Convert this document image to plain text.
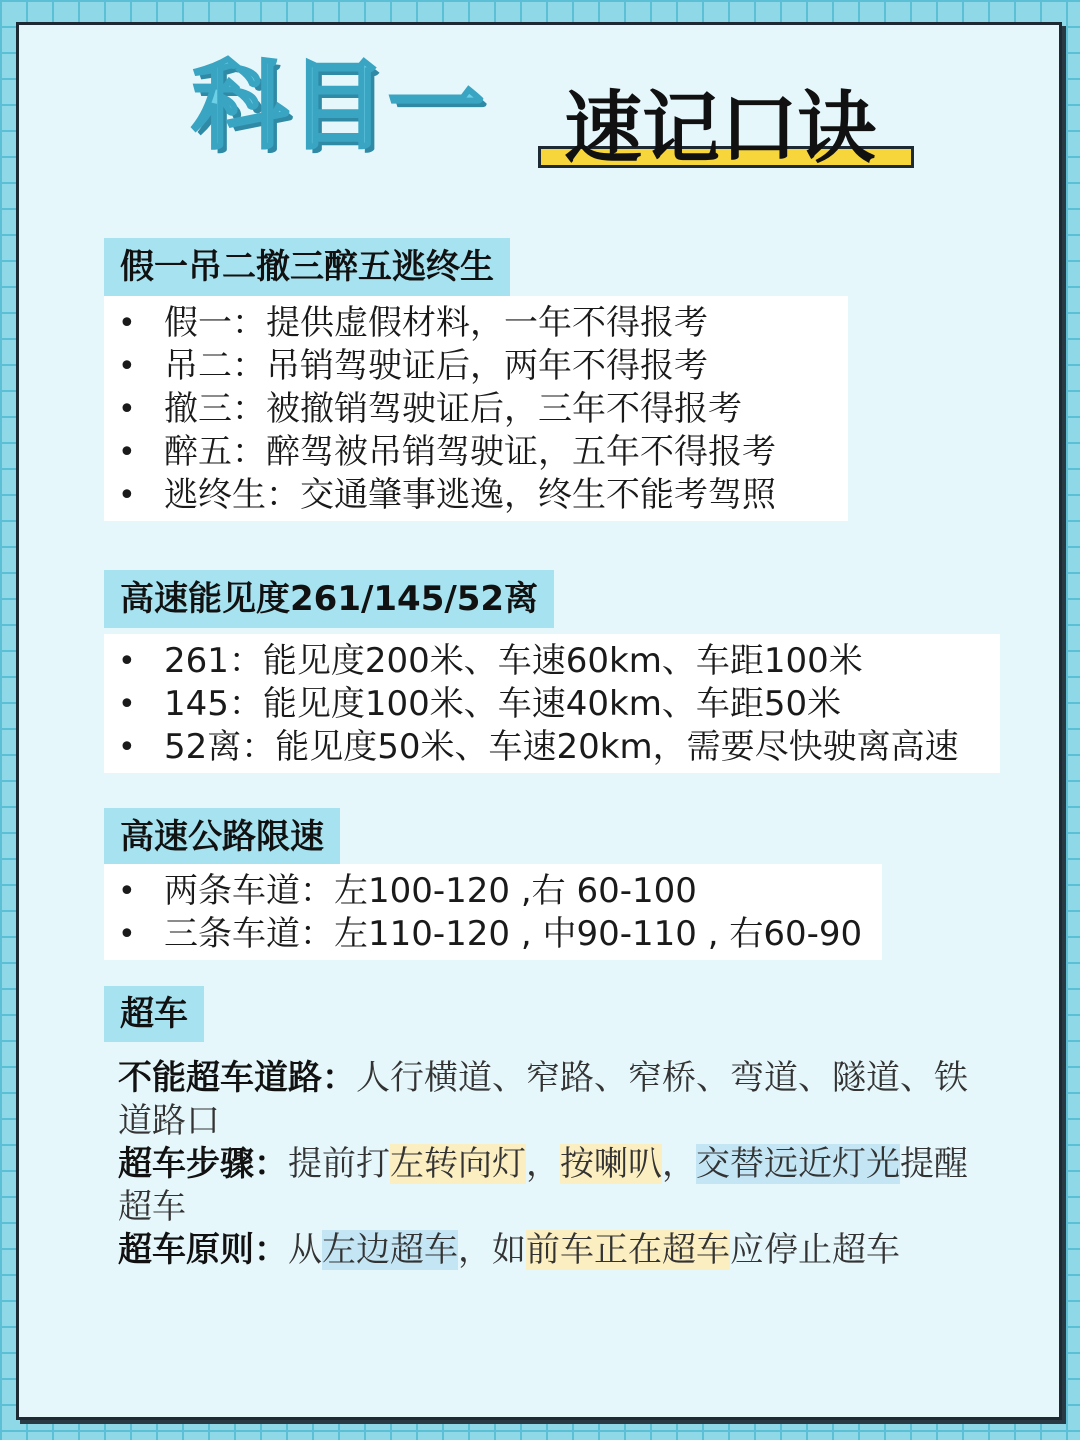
科目一 速记口诀
假一吊二撤三醉五逃终生
• 假一：提供虚假材料，一年不得报考
• 吊二：吊销驾驶证后，两年不得报考
• 撤三：被撤销驾驶证后，三年不得报考
• 醉五：醉驾被吊销驾驶证，五年不得报考
• 逃终生：交通肇事逃逸，终生不能考驾照
高速能见度261/145/52离
• 261：能见度200米、车速60km、车距100米
• 145：能见度100米、车速40km、车距50米
• 52离：能见度50米、车速20km，需要尽快驶离高速
高速公路限速
• 两条车道：左100-120 ,右 60-100
• 三条车道：左110-120 , 中90-110 , 右60-90
超车
不能超车道路：人行横道、窄路、窄桥、弯道、隧道、铁道路口
超车步骤：提前打左转向灯，按喇叭，交替远近灯光提醒超车
超车原则：从左边超车，如前车正在超车应停止超车
